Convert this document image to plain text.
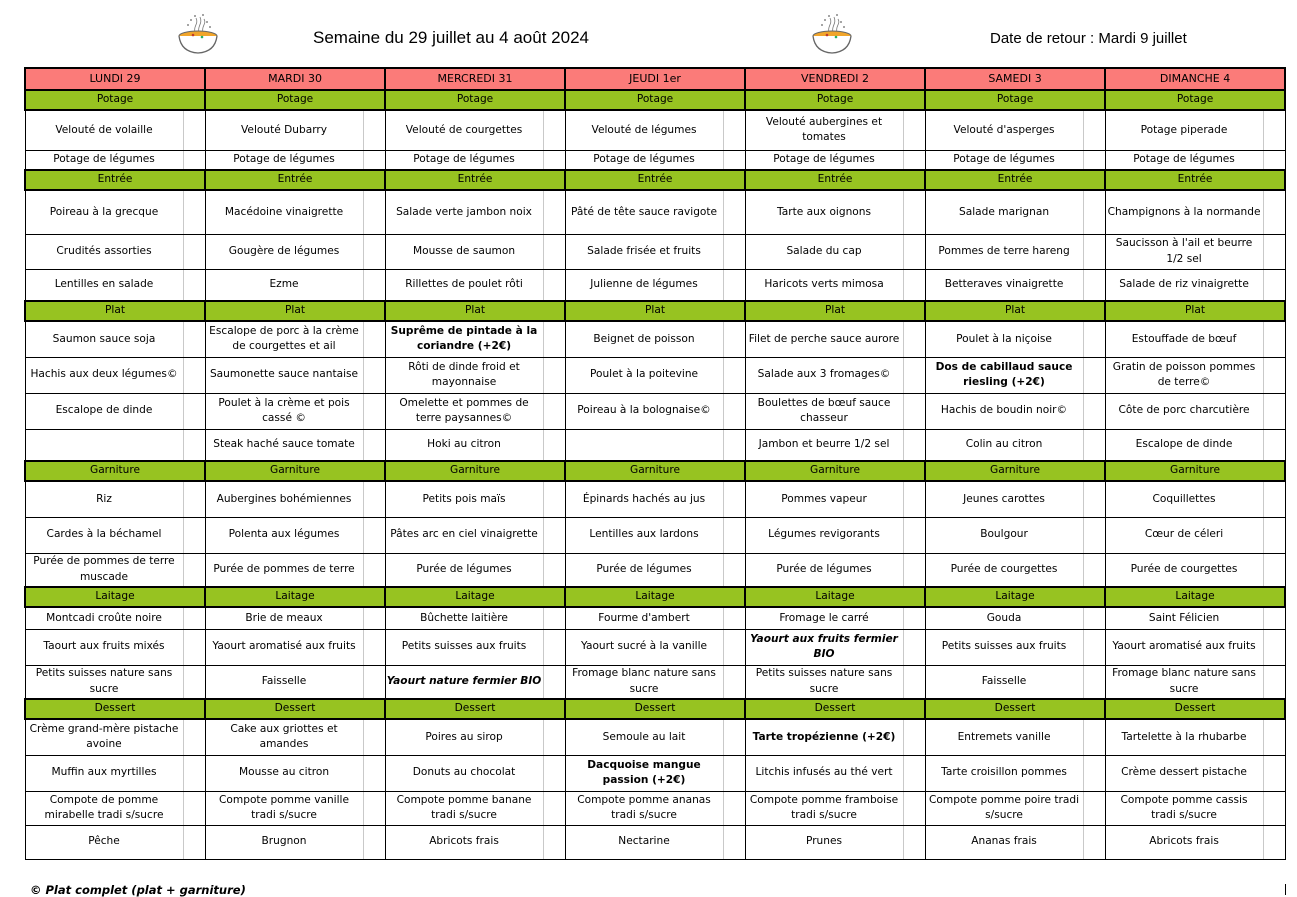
Semaine du 29 juillet au 4 août 2024	Date de retour : Mardi 9 juillet
LUNDI 29		MARDI 30		MERCREDI 31		JEUDI 1er		VENDREDI 2		SAMEDI 3		DIMANCHE 4	
Potage		Potage		Potage		Potage		Potage		Potage		Potage	
Velouté de volaille		Velouté Dubarry		Velouté de courgettes		Velouté de légumes		Velouté aubergines et tomates		Velouté d'asperges		Potage piperade	
Potage de légumes		Potage de légumes		Potage de légumes		Potage de légumes		Potage de légumes		Potage de légumes		Potage de légumes	
Entrée		Entrée		Entrée		Entrée		Entrée		Entrée		Entrée	
Poireau à la grecque		Macédoine vinaigrette		Salade verte jambon noix		Pâté de tête sauce ravigote		Tarte aux oignons		Salade marignan		Champignons à la normande	
Crudités assorties		Gougère de légumes		Mousse de saumon		Salade frisée et fruits		Salade du cap		Pommes de terre hareng		Saucisson à l'ail et beurre 1/2 sel	
Lentilles en salade		Ezme		Rillettes de poulet rôti		Julienne de légumes		Haricots verts mimosa		Betteraves vinaigrette		Salade de riz vinaigrette	
Plat		Plat		Plat		Plat		Plat		Plat		Plat	
Saumon sauce soja		Escalope de porc à la crème de courgettes et ail		Suprême de pintade à la coriandre (+2€)		Beignet de poisson		Filet de perche sauce aurore		Poulet à la niçoise		Estouffade de bœuf	
Hachis aux deux légumes©		Saumonette sauce nantaise		Rôti de dinde froid et mayonnaise		Poulet à la poitevine		Salade aux 3 fromages©		Dos de cabillaud sauce riesling (+2€)		Gratin de poisson pommes de terre©	
Escalope de dinde		Poulet à la crème et pois cassé ©		Omelette et pommes de terre paysannes©		Poireau à la bolognaise©		Boulettes de bœuf sauce chasseur		Hachis de boudin noir©		Côte de porc charcutière	
		Steak haché sauce tomate		Hoki au citron				Jambon et beurre 1/2 sel		Colin au citron		Escalope de dinde	
Garniture		Garniture		Garniture		Garniture		Garniture		Garniture		Garniture	
Riz		Aubergines bohémiennes		Petits pois maïs		Épinards hachés au jus		Pommes vapeur		Jeunes carottes		Coquillettes	
Cardes à la béchamel		Polenta aux légumes		Pâtes arc en ciel vinaigrette		Lentilles aux lardons		Légumes revigorants		Boulgour		Cœur de céleri	
Purée de pommes de terre muscade		Purée de pommes de terre		Purée de légumes		Purée de légumes		Purée de légumes		Purée de courgettes		Purée de courgettes	
Laitage		Laitage		Laitage		Laitage		Laitage		Laitage		Laitage	
Montcadi croûte noire		Brie de meaux		Bûchette laitière		Fourme d'ambert		Fromage le carré		Gouda		Saint Félicien	
Taourt aux fruits mixés		Yaourt aromatisé aux fruits		Petits suisses aux fruits		Yaourt sucré à la vanille		Yaourt aux fruits fermier BIO		Petits suisses aux fruits		Yaourt aromatisé aux fruits	
Petits suisses nature sans sucre		Faisselle		Yaourt nature fermier BIO		Fromage blanc nature sans sucre		Petits suisses nature sans sucre		Faisselle		Fromage blanc nature sans sucre	
Dessert		Dessert		Dessert		Dessert		Dessert		Dessert		Dessert	
Crème grand-mère pistache avoine		Cake aux griottes et amandes		Poires au sirop		Semoule au lait		Tarte tropézienne (+2€)		Entremets vanille		Tartelette à la rhubarbe	
Muffin aux myrtilles		Mousse au citron		Donuts au chocolat		Dacquoise mangue passion (+2€)		Litchis infusés au thé vert		Tarte croisillon pommes		Crème dessert pistache	
Compote de pomme mirabelle tradi s/sucre		Compote pomme vanille tradi s/sucre		Compote pomme banane tradi s/sucre		Compote pomme ananas tradi s/sucre		Compote pomme framboise tradi s/sucre		Compote pomme poire tradi s/sucre		Compote pomme cassis tradi s/sucre	
Pêche		Brugnon		Abricots frais		Nectarine		Prunes		Ananas frais		Abricots frais	
© Plat complet (plat + garniture)
